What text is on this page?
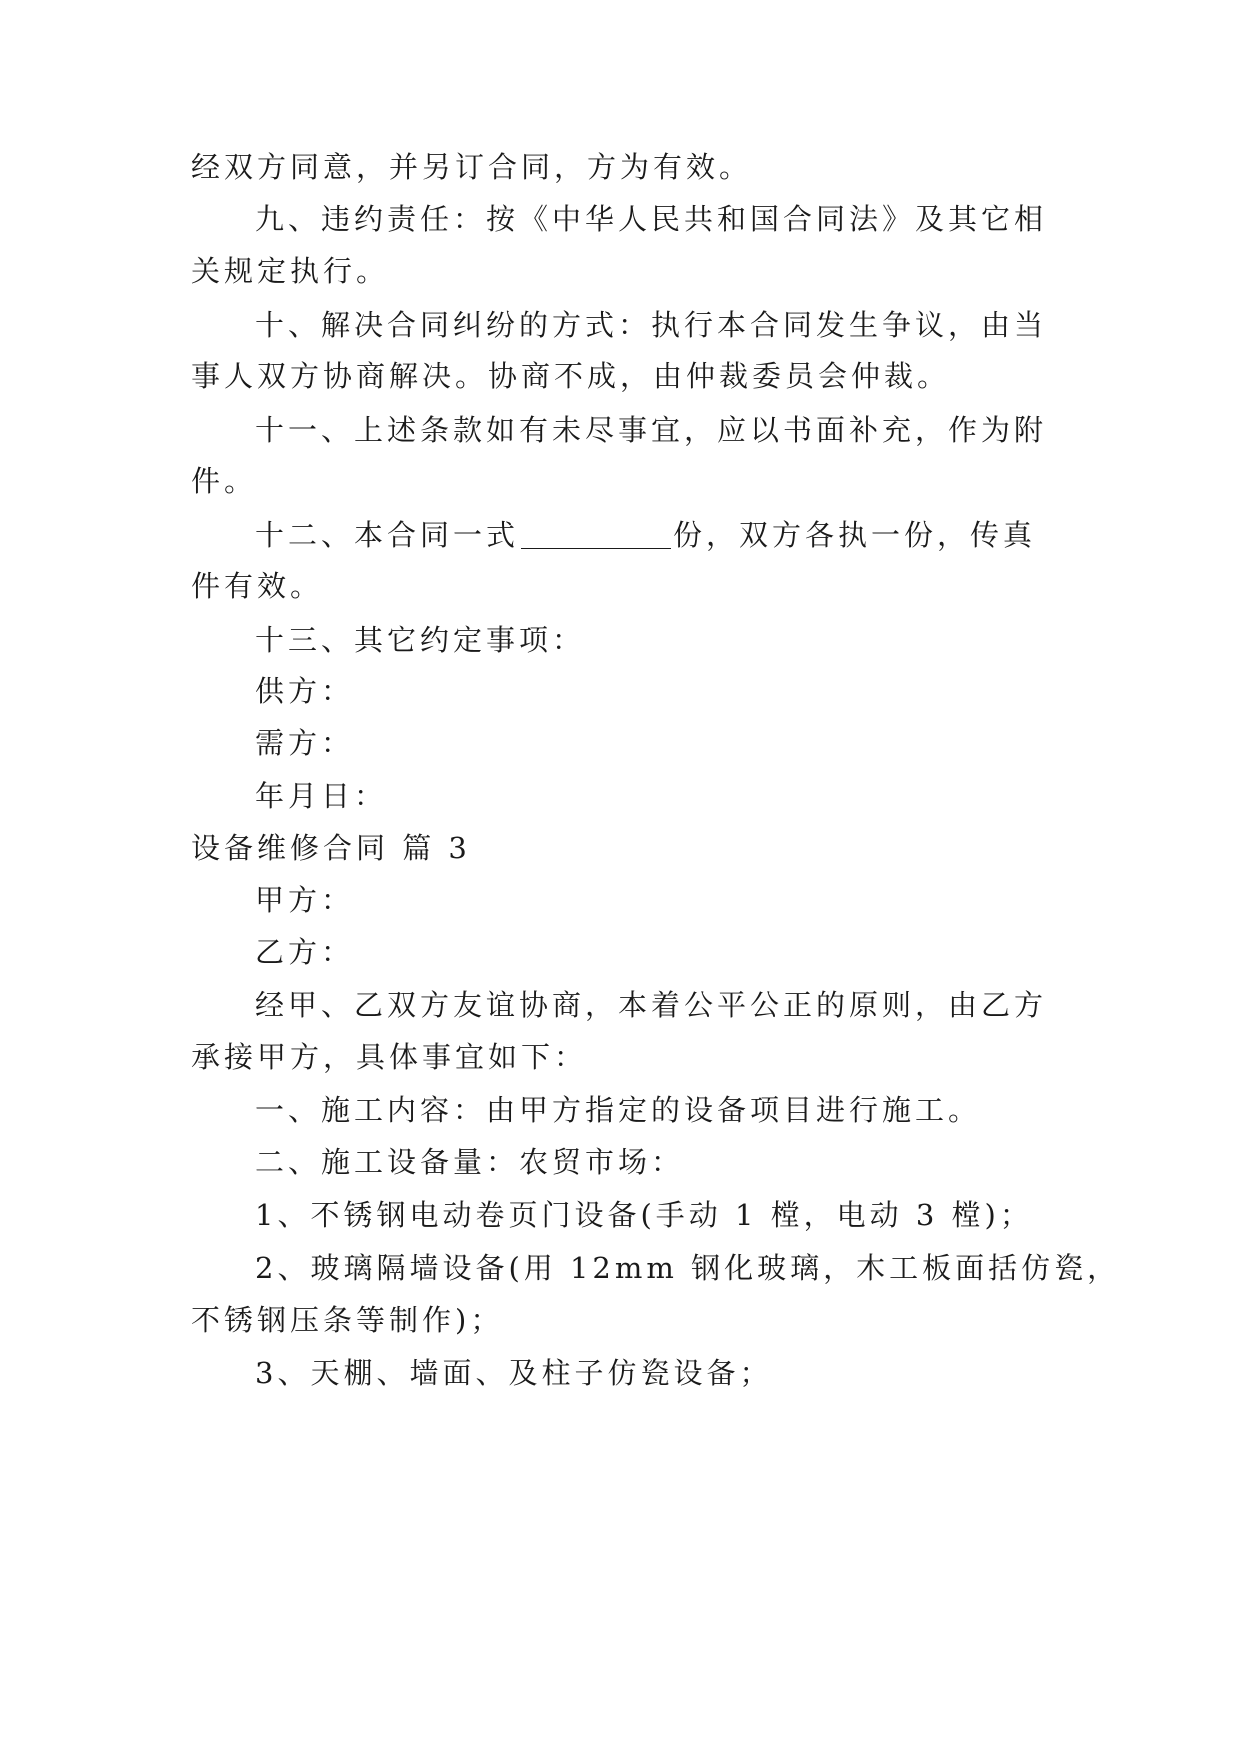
经双方同意，并另订合同，方为有效。
九、违约责任：按《中华人民共和国合同法》及其它相
关规定执行。
十、解决合同纠纷的方式：执行本合同发生争议，由当
事人双方协商解决。协商不成，由仲裁委员会仲裁。
十一、上述条款如有未尽事宜，应以书面补充，作为附
件。
十二、本合同一式	份，双方各执一份，传真
件有效。
十三、其它约定事项：
供方：
需方：
年月日：
设备维修合同 篇 3
甲方：
乙方：
经甲、乙双方友谊协商，本着公平公正的原则，由乙方
承接甲方，具体事宜如下：
一、施工内容：由甲方指定的设备项目进行施工。
二、施工设备量：农贸市场：
1、不锈钢电动卷页门设备(手动 1 樘，电动 3 樘)；
2、玻璃隔墙设备(用 12mm 钢化玻璃，木工板面括仿瓷，
不锈钢压条等制作)；
3、天棚、墙面、及柱子仿瓷设备；
